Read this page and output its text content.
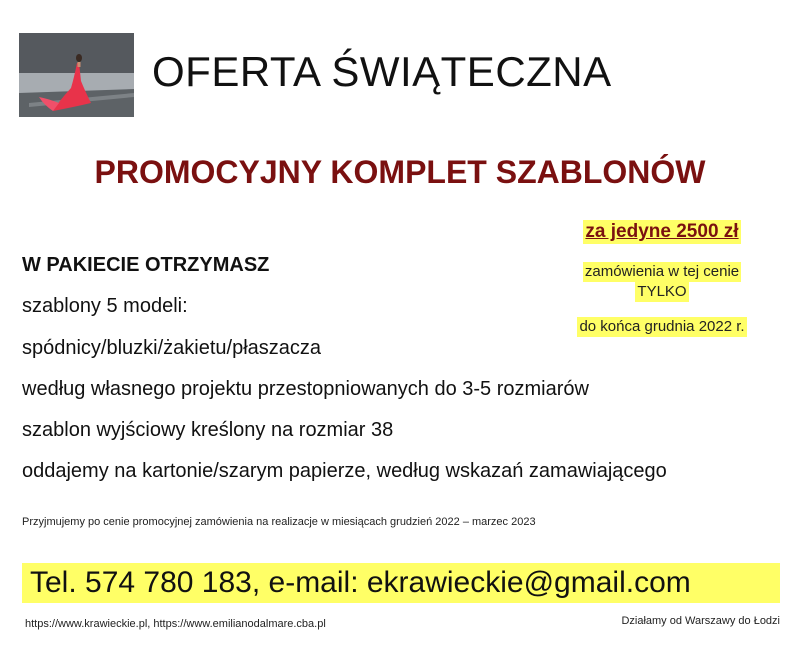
OFERTA ŚWIĄTECZNA
PROMOCYJNY KOMPLET SZABLONÓW
za jedyne 2500 zł
zamówienia w tej cenie
TYLKO
do końca grudnia 2022 r.
W PAKIECIE OTRZYMASZ
szablony 5 modeli:
spódnicy/bluzki/żakietu/płaszacza
według własnego projektu przestopniowanych do 3-5 rozmiarów
szablon wyjściowy kreślony na rozmiar 38
oddajemy na kartonie/szarym papierze, według wskazań zamawiającego
Przyjmujemy po cenie promocyjnej zamówienia na realizacje w miesiącach grudzień 2022 – marzec 2023
Tel. 574 780 183, e-mail: ekrawieckie@gmail.com
https://www.krawieckie.pl, https://www.emilianodalmare.cba.pl	Działamy od Warszawy do Łodzi
